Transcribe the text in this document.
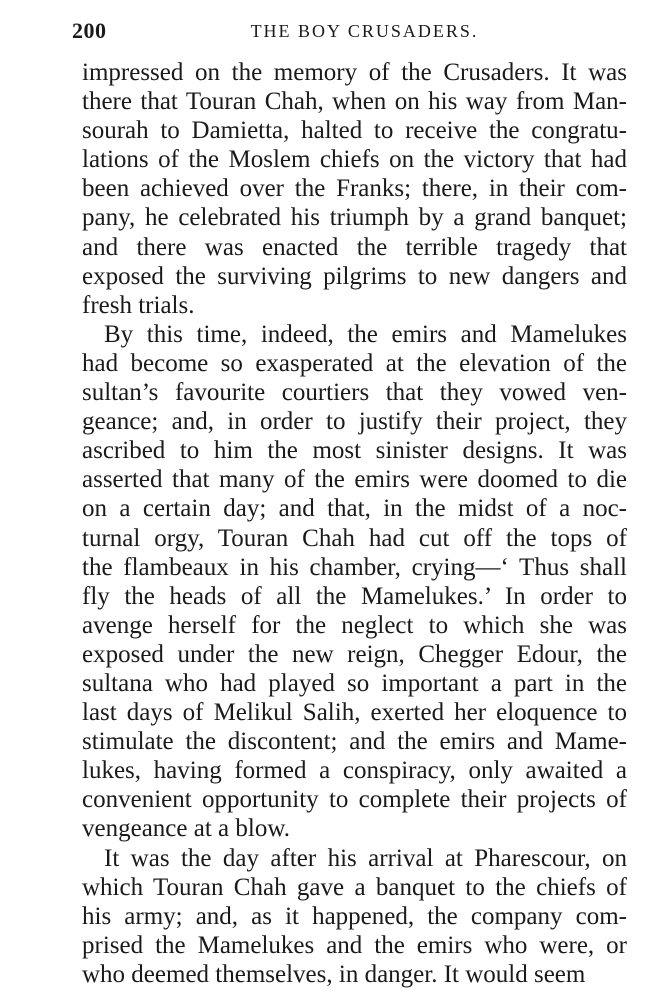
200	THE BOY CRUSADERS.
impressed on the memory of the Crusaders. It was
there that Touran Chah, when on his way from Man-
sourah to Damietta, halted to receive the congratu-
lations of the Moslem chiefs on the victory that had
been achieved over the Franks; there, in their com-
pany, he celebrated his triumph by a grand banquet;
and there was enacted the terrible tragedy that
exposed the surviving pilgrims to new dangers and
fresh trials.
By this time, indeed, the emirs and Mamelukes
had become so exasperated at the elevation of the
sultan’s favourite courtiers that they vowed ven-
geance; and, in order to justify their project, they
ascribed to him the most sinister designs. It was
asserted that many of the emirs were doomed to die
on a certain day; and that, in the midst of a noc-
turnal orgy, Touran Chah had cut off the tops of
the flambeaux in his chamber, crying—‘ Thus shall
fly the heads of all the Mamelukes.’ In order to
avenge herself for the neglect to which she was
exposed under the new reign, Chegger Edour, the
sultana who had played so important a part in the
last days of Melikul Salih, exerted her eloquence to
stimulate the discontent; and the emirs and Mame-
lukes, having formed a conspiracy, only awaited a
convenient opportunity to complete their projects of
vengeance at a blow.
It was the day after his arrival at Pharescour, on
which Touran Chah gave a banquet to the chiefs of
his army; and, as it happened, the company com-
prised the Mamelukes and the emirs who were, or
who deemed themselves, in danger. It would seem
